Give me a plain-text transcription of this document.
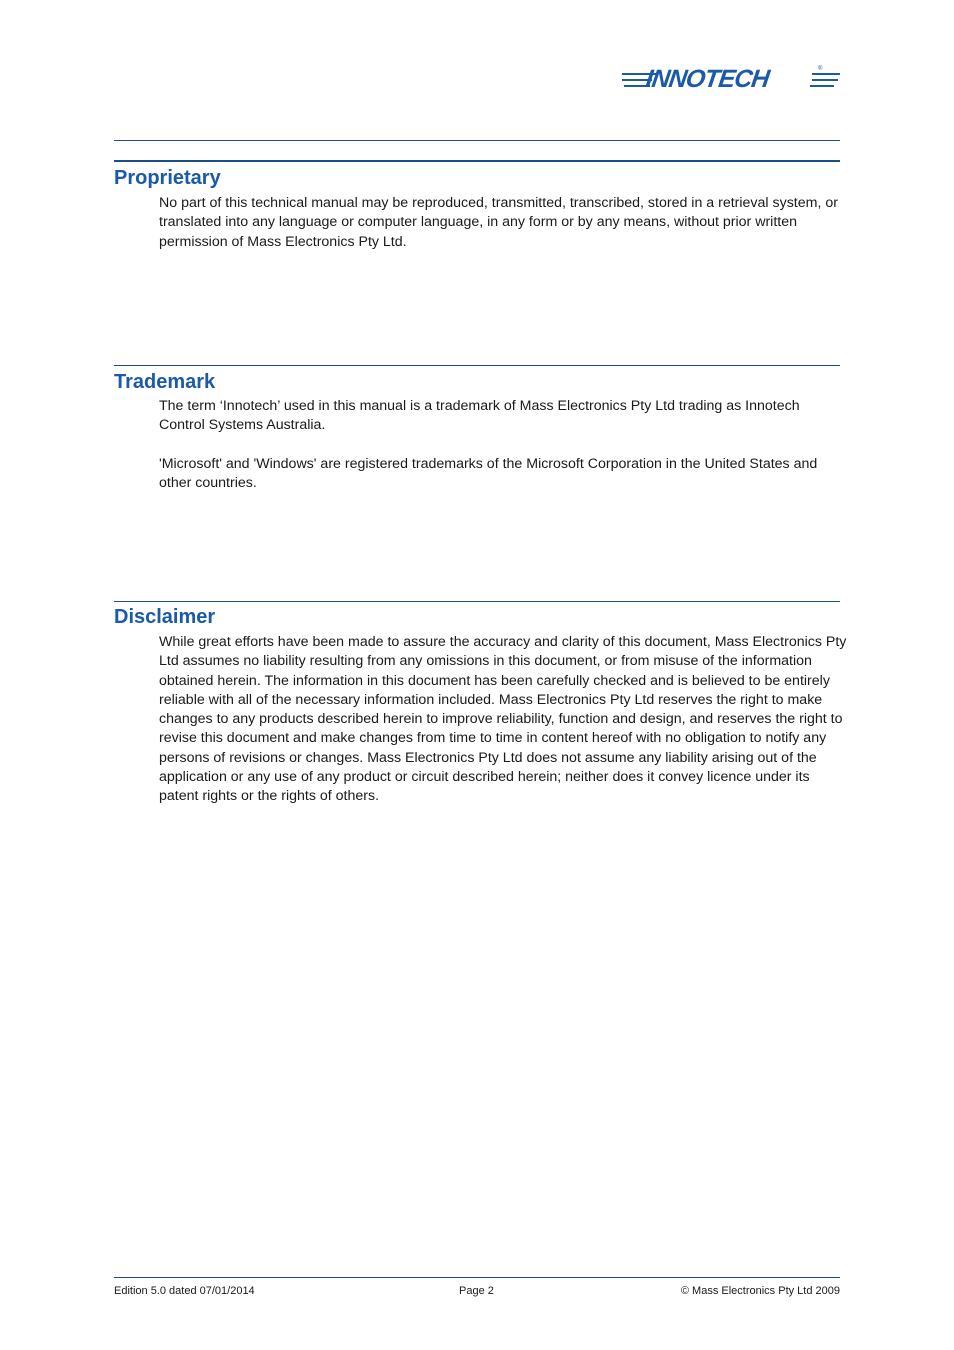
INNOTECH	®
Proprietary

No part of this technical manual may be reproduced, transmitted, transcribed, stored in a retrieval system, or translated into any language or computer language, in any form or by any means, without prior written permission of Mass Electronics Pty Ltd.

Trademark

The term ‘Innotech’ used in this manual is a trademark of Mass Electronics Pty Ltd trading as Innotech Control Systems Australia.

'Microsoft' and 'Windows' are registered trademarks of the Microsoft Corporation in the United States and other countries.

Disclaimer

While great efforts have been made to assure the accuracy and clarity of this document, Mass Electronics Pty Ltd assumes no liability resulting from any omissions in this document, or from misuse of the information obtained herein. The information in this document has been carefully checked and is believed to be entirely reliable with all of the necessary information included. Mass Electronics Pty Ltd reserves the right to make changes to any products described herein to improve reliability, function and design, and reserves the right to revise this document and make changes from time to time in content hereof with no obligation to notify any persons of revisions or changes. Mass Electronics Pty Ltd does not assume any liability arising out of the application or any use of any product or circuit described herein; neither does it convey licence under its patent rights or the rights of others.

Edition 5.0 dated 07/01/2014	Page 2	© Mass Electronics Pty Ltd 2009
